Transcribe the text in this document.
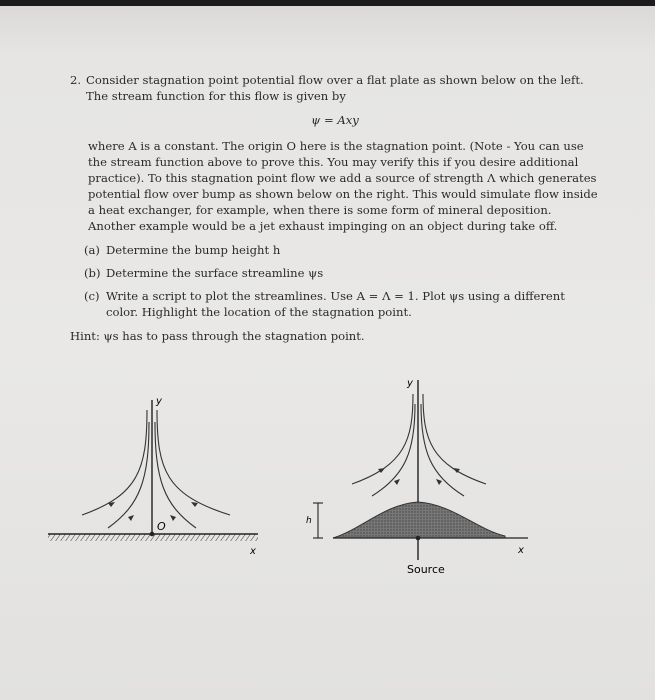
2. Consider stagnation point potential flow over a flat plate as shown below on the left. The stream function for this flow is given by

ψ = Axy

where A is a constant. The origin O here is the stagnation point. (Note - You can use the stream function above to prove this. You may verify this if you desire additional practice). To this stagnation point flow we add a source of strength Λ which generates potential flow over bump as shown below on the right. This would simulate flow inside a heat exchanger, for example, when there is some form of mineral deposition. Another example would be a jet exhaust impinging on an object during take off.

(a) Determine the bump height h
(b) Determine the surface streamline ψs
(c) Write a script to plot the streamlines. Use A = Λ = 1. Plot ψs using a different color. Highlight the location of the stagnation point.

Hint: ψs has to pass through the stagnation point.

y
O
x
y
Source
x
h
